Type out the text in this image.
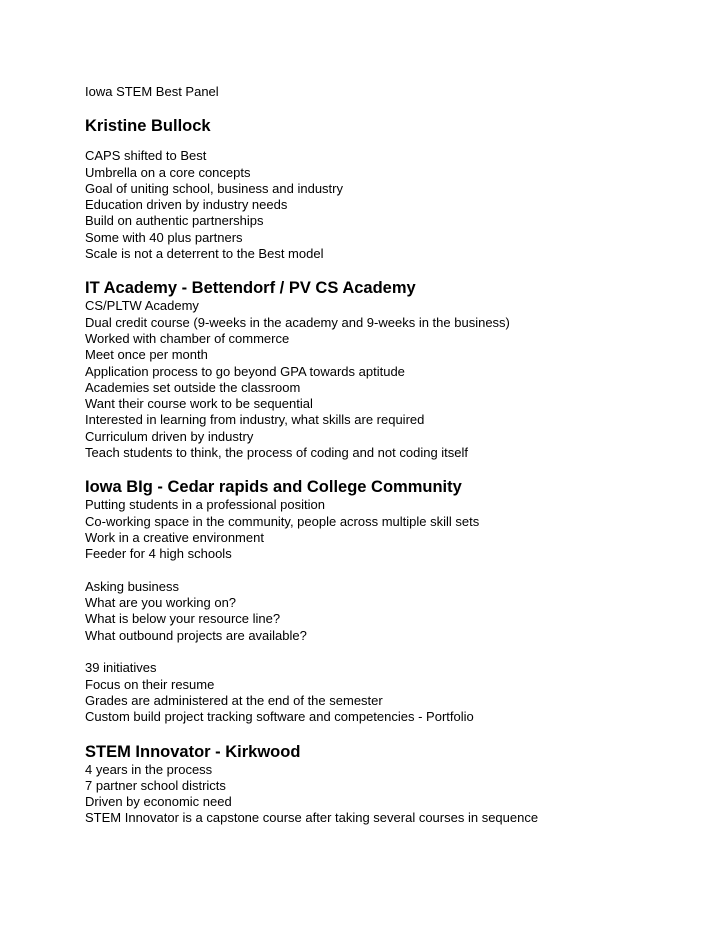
Iowa STEM Best Panel
Kristine Bullock
CAPS shifted to Best
Umbrella on a core concepts
Goal of uniting school, business and industry
Education driven by industry needs
Build on authentic partnerships
Some with 40 plus partners
Scale is not a deterrent to the Best model
IT Academy - Bettendorf / PV CS Academy
CS/PLTW Academy
Dual credit course (9-weeks in the academy and 9-weeks in the business)
Worked with chamber of commerce
Meet once per month
Application process to go beyond GPA towards aptitude
Academies set outside the classroom
Want their course work to be sequential
Interested in learning from industry, what skills are required
Curriculum driven by industry
Teach students to think, the process of coding and not coding itself
Iowa BIg - Cedar rapids and College Community
Putting students in a professional position
Co-working space in the community, people across multiple skill sets
Work in a creative environment
Feeder for 4 high schools
Asking business
What are you working on?
What is below your resource line?
What outbound projects are available?
39 initiatives
Focus on their resume
Grades are administered at the end of the semester
Custom build project tracking software and competencies - Portfolio
STEM Innovator - Kirkwood
4 years in the process
7 partner school districts
Driven by economic need
STEM Innovator is a capstone course after taking several courses in sequence
